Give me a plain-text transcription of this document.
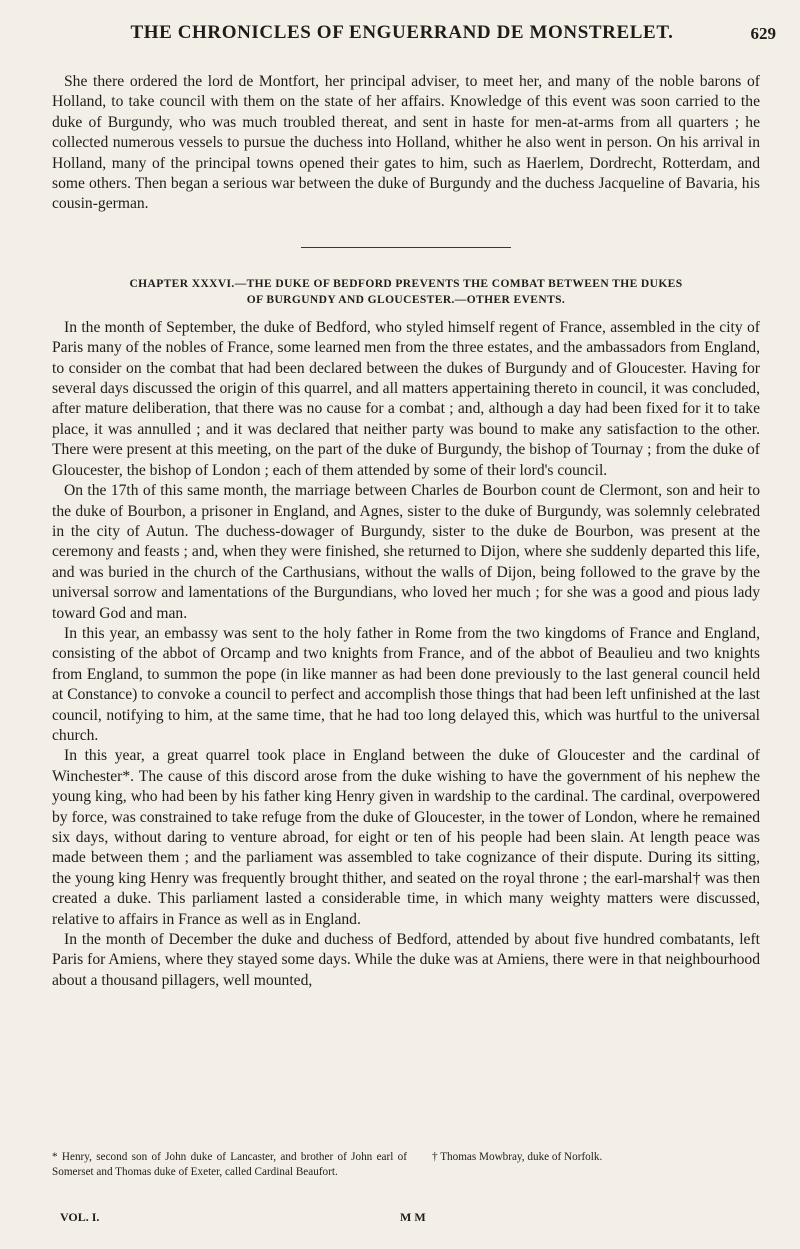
THE CHRONICLES OF ENGUERRAND DE MONSTRELET.	629

She there ordered the lord de Montfort, her principal adviser, to meet her, and many of the noble barons of Holland, to take council with them on the state of her affairs. Knowledge of this event was soon carried to the duke of Burgundy, who was much troubled thereat, and sent in haste for men-at-arms from all quarters ; he collected numerous vessels to pursue the duchess into Holland, whither he also went in person. On his arrival in Holland, many of the principal towns opened their gates to him, such as Haerlem, Dordrecht, Rotterdam, and some others. Then began a serious war between the duke of Burgundy and the duchess Jacqueline of Bavaria, his cousin-german.

CHAPTER XXXVI.—THE DUKE OF BEDFORD PREVENTS THE COMBAT BETWEEN THE DUKES
OF BURGUNDY AND GLOUCESTER.—OTHER EVENTS.

In the month of September, the duke of Bedford, who styled himself regent of France, assembled in the city of Paris many of the nobles of France, some learned men from the three estates, and the ambassadors from England, to consider on the combat that had been declared between the dukes of Burgundy and of Gloucester. Having for several days discussed the origin of this quarrel, and all matters appertaining thereto in council, it was concluded, after mature deliberation, that there was no cause for a combat ; and, although a day had been fixed for it to take place, it was annulled ; and it was declared that neither party was bound to make any satisfaction to the other. There were present at this meeting, on the part of the duke of Burgundy, the bishop of Tournay ; from the duke of Gloucester, the bishop of London ; each of them attended by some of their lord's council.

On the 17th of this same month, the marriage between Charles de Bourbon count de Clermont, son and heir to the duke of Bourbon, a prisoner in England, and Agnes, sister to the duke of Burgundy, was solemnly celebrated in the city of Autun. The duchess-dowager of Burgundy, sister to the duke de Bourbon, was present at the ceremony and feasts ; and, when they were finished, she returned to Dijon, where she suddenly departed this life, and was buried in the church of the Carthusians, without the walls of Dijon, being followed to the grave by the universal sorrow and lamentations of the Burgundians, who loved her much ; for she was a good and pious lady toward God and man.

In this year, an embassy was sent to the holy father in Rome from the two kingdoms of France and England, consisting of the abbot of Orcamp and two knights from France, and of the abbot of Beaulieu and two knights from England, to summon the pope (in like manner as had been done previously to the last general council held at Constance) to convoke a council to perfect and accomplish those things that had been left unfinished at the last council, notifying to him, at the same time, that he had too long delayed this, which was hurtful to the universal church.

In this year, a great quarrel took place in England between the duke of Gloucester and the cardinal of Winchester*. The cause of this discord arose from the duke wishing to have the government of his nephew the young king, who had been by his father king Henry given in wardship to the cardinal. The cardinal, overpowered by force, was constrained to take refuge from the duke of Gloucester, in the tower of London, where he remained six days, without daring to venture abroad, for eight or ten of his people had been slain. At length peace was made between them ; and the parliament was assembled to take cognizance of their dispute. During its sitting, the young king Henry was frequently brought thither, and seated on the royal throne ; the earl-marshal† was then created a duke. This parliament lasted a considerable time, in which many weighty matters were discussed, relative to affairs in France as well as in England.

In the month of December the duke and duchess of Bedford, attended by about five hundred combatants, left Paris for Amiens, where they stayed some days. While the duke was at Amiens, there were in that neighbourhood about a thousand pillagers, well mounted,

* Henry, second son of John duke of Lancaster, and brother of John earl of Somerset and Thomas duke of Exeter, called Cardinal Beaufort.
† Thomas Mowbray, duke of Norfolk.
VOL. I.	M M
